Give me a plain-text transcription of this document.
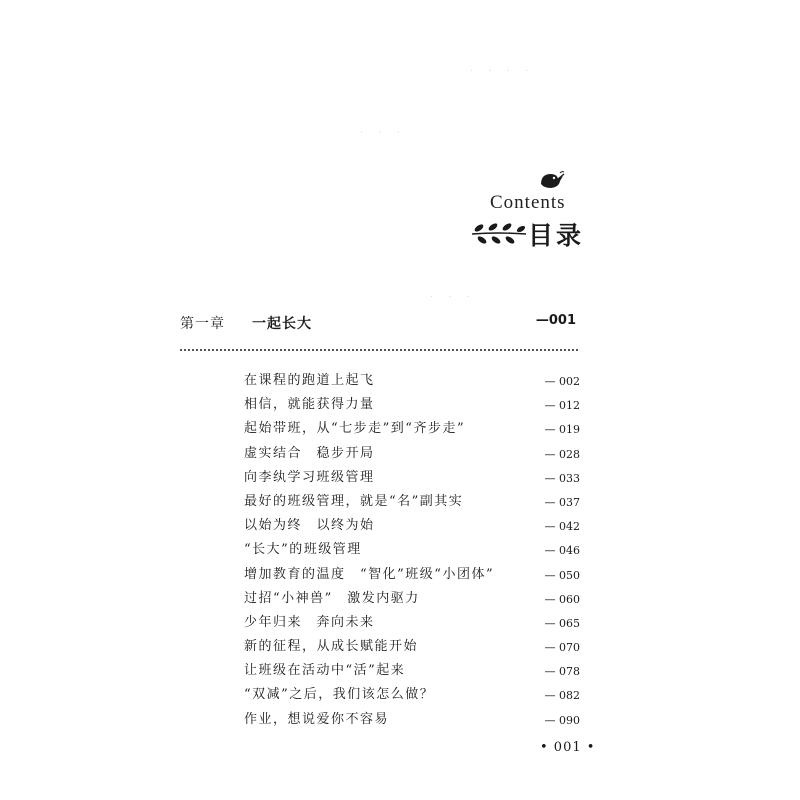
· · · ·
· · ·
· · ·
Contents
目录
第一章 一起长大	—001
在课程的跑道上起飞	— 002
相信，就能获得力量	— 012
起始带班，从“七步走”到“齐步走”	— 019
虚实结合　稳步开局	— 028
向李纨学习班级管理	— 033
最好的班级管理，就是“名”副其实	— 037
以始为终　以终为始	— 042
“长大”的班级管理	— 046
增加教育的温度　“智化”班级“小团体”	— 050
过招“小神兽”　激发内驱力	— 060
少年归来　奔向未来	— 065
新的征程，从成长赋能开始	— 070
让班级在活动中“活”起来	— 078
“双减”之后，我们该怎么做？	— 082
作业，想说爱你不容易	— 090
• 001 •
